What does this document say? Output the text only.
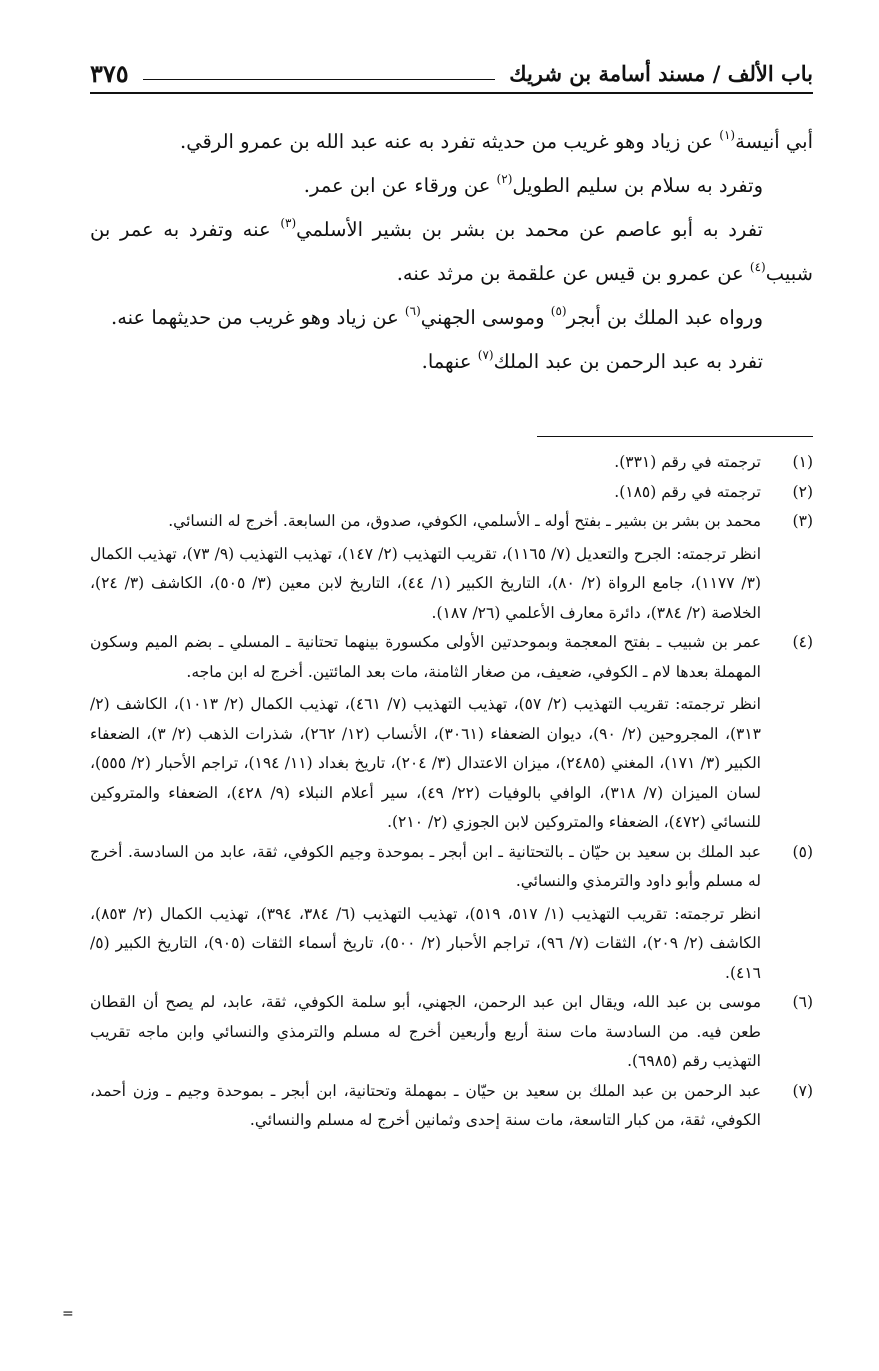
باب الألف / مسند أسامة بن شريك
٣٧٥

أبي أنيسة$^{(١)}$ عن زياد وهو غريب من حديثه تفرد به عنه عبد الله بن عمرو الرقي.

وتفرد به سلام بن سليم الطويل$^{(٢)}$ عن ورقاء عن ابن عمر.

تفرد به أبو عاصم عن محمد بن بشر بن بشير الأسلمي$^{(٣)}$ عنه وتفرد به عمر بن شبيب$^{(٤)}$ عن عمرو بن قيس عن علقمة بن مرثد عنه.

ورواه عبد الملك بن أبجر$^{(٥)}$ وموسى الجهني$^{(٦)}$ عن زياد وهو غريب من حديثهما عنه.

تفرد به عبد الرحمن بن عبد الملك$^{(٧)}$ عنهما.

(١)

ترجمته في رقم (٣٣١).

(٢)

ترجمته في رقم (١٨٥).

(٣)

محمد بن بشر بن بشير ـ بفتح أوله ـ الأسلمي، الكوفي، صدوق، من السابعة. أخرج له النسائي.

انظر ترجمته: الجرح والتعديل (٧/ ١١٦٥)، تقريب التهذيب (٢/ ١٤٧)، تهذيب التهذيب (٩/ ٧٣)، تهذيب الكمال (٣/ ١١٧٧)، جامع الرواة (٢/ ٨٠)، التاريخ الكبير (١/ ٤٤)، التاريخ لابن معين (٣/ ٥٠٥)، الكاشف (٣/ ٢٤)، الخلاصة (٢/ ٣٨٤)، دائرة معارف الأعلمي (٢٦/ ١٨٧).

(٤)

عمر بن شبيب ـ بفتح المعجمة وبموحدتين الأولى مكسورة بينهما تحتانية ـ المسلي ـ بضم الميم وسكون المهملة بعدها لام ـ الكوفي، ضعيف، من صغار الثامنة، مات بعد المائتين. أخرج له ابن ماجه.

انظر ترجمته: تقريب التهذيب (٢/ ٥٧)، تهذيب التهذيب (٧/ ٤٦١)، تهذيب الكمال (٢/ ١٠١٣)، الكاشف (٢/ ٣١٣)، المجروحين (٢/ ٩٠)، ديوان الضعفاء (٣٠٦١)، الأنساب (١٢/ ٢٦٢)، شذرات الذهب (٢/ ٣)، الضعفاء الكبير (٣/ ١٧١)، المغني (٢٤٨٥)، ميزان الاعتدال (٣/ ٢٠٤)، تاريخ بغداد (١١/ ١٩٤)، تراجم الأحبار (٢/ ٥٥٥)، لسان الميزان (٧/ ٣١٨)، الوافي بالوفيات (٢٢/ ٤٩)، سير أعلام النبلاء (٩/ ٤٢٨)، الضعفاء والمتروكين للنسائي (٤٧٢)، الضعفاء والمتروكين لابن الجوزي (٢/ ٢١٠).

(٥)

عبد الملك بن سعيد بن حيّان ـ بالتحتانية ـ ابن أبجر ـ بموحدة وجيم الكوفي، ثقة، عابد من السادسة. أخرج له مسلم وأبو داود والترمذي والنسائي.

انظر ترجمته: تقريب التهذيب (١/ ٥١٧، ٥١٩)، تهذيب التهذيب (٦/ ٣٨٤، ٣٩٤)، تهذيب الكمال (٢/ ٨٥٣)، الكاشف (٢/ ٢٠٩)، الثقات (٧/ ٩٦)، تراجم الأحبار (٢/ ٥٠٠)، تاريخ أسماء الثقات (٩٠٥)، التاريخ الكبير (٥/ ٤١٦).

(٦)

موسى بن عبد الله، ويقال ابن عبد الرحمن، الجهني، أبو سلمة الكوفي، ثقة، عابد، لم يصح أن القطان طعن فيه. من السادسة مات سنة أربع وأربعين أخرج له مسلم والترمذي والنسائي وابن ماجه تقريب التهذيب رقم (٦٩٨٥).

(٧)

عبد الرحمن بن عبد الملك بن سعيد بن حيّان ـ بمهملة وتحتانية، ابن أبجر ـ بموحدة وجيم ـ وزن أحمد، الكوفي، ثقة، من كبار التاسعة، مات سنة إحدى وثمانين أخرج له مسلم والنسائي.

=
